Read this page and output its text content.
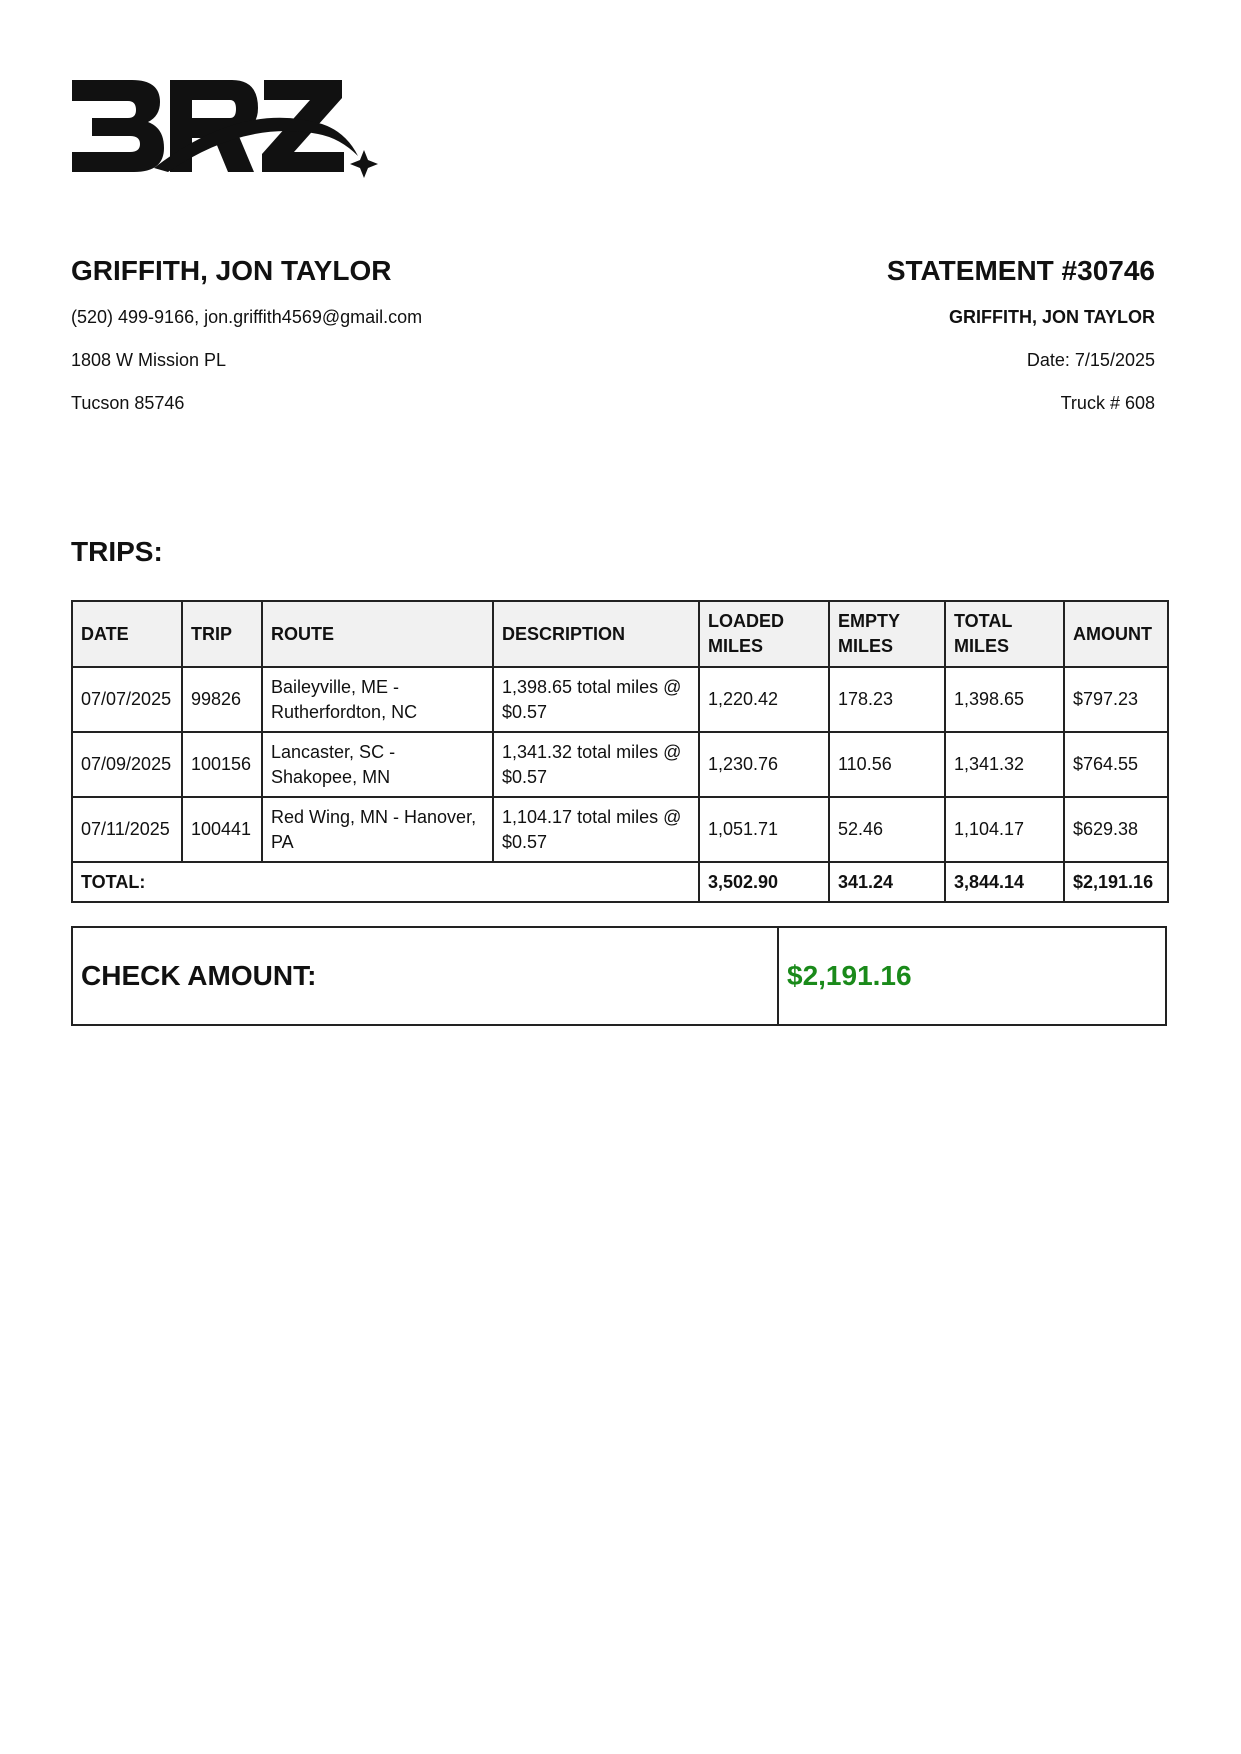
GRIFFITH, JON TAYLOR
(520) 499-9166, jon.griffith4569@gmail.com
1808 W Mission PL
Tucson 85746
STATEMENT #30746
GRIFFITH, JON TAYLOR
Date: 7/15/2025
Truck # 608
TRIPS:
DATE	TRIP	ROUTE	DESCRIPTION	LOADED MILES	EMPTY MILES	TOTAL MILES	AMOUNT
07/07/2025	99826	Baileyville, ME - Rutherfordton, NC	1,398.65 total miles @ $0.57	1,220.42	178.23	1,398.65	$797.23
07/09/2025	100156	Lancaster, SC - Shakopee, MN	1,341.32 total miles @ $0.57	1,230.76	110.56	1,341.32	$764.55
07/11/2025	100441	Red Wing, MN - Hanover, PA	1,104.17 total miles @ $0.57	1,051.71	52.46	1,104.17	$629.38
TOTAL:				3,502.90	341.24	3,844.14	$2,191.16
CHECK AMOUNT:	$2,191.16
